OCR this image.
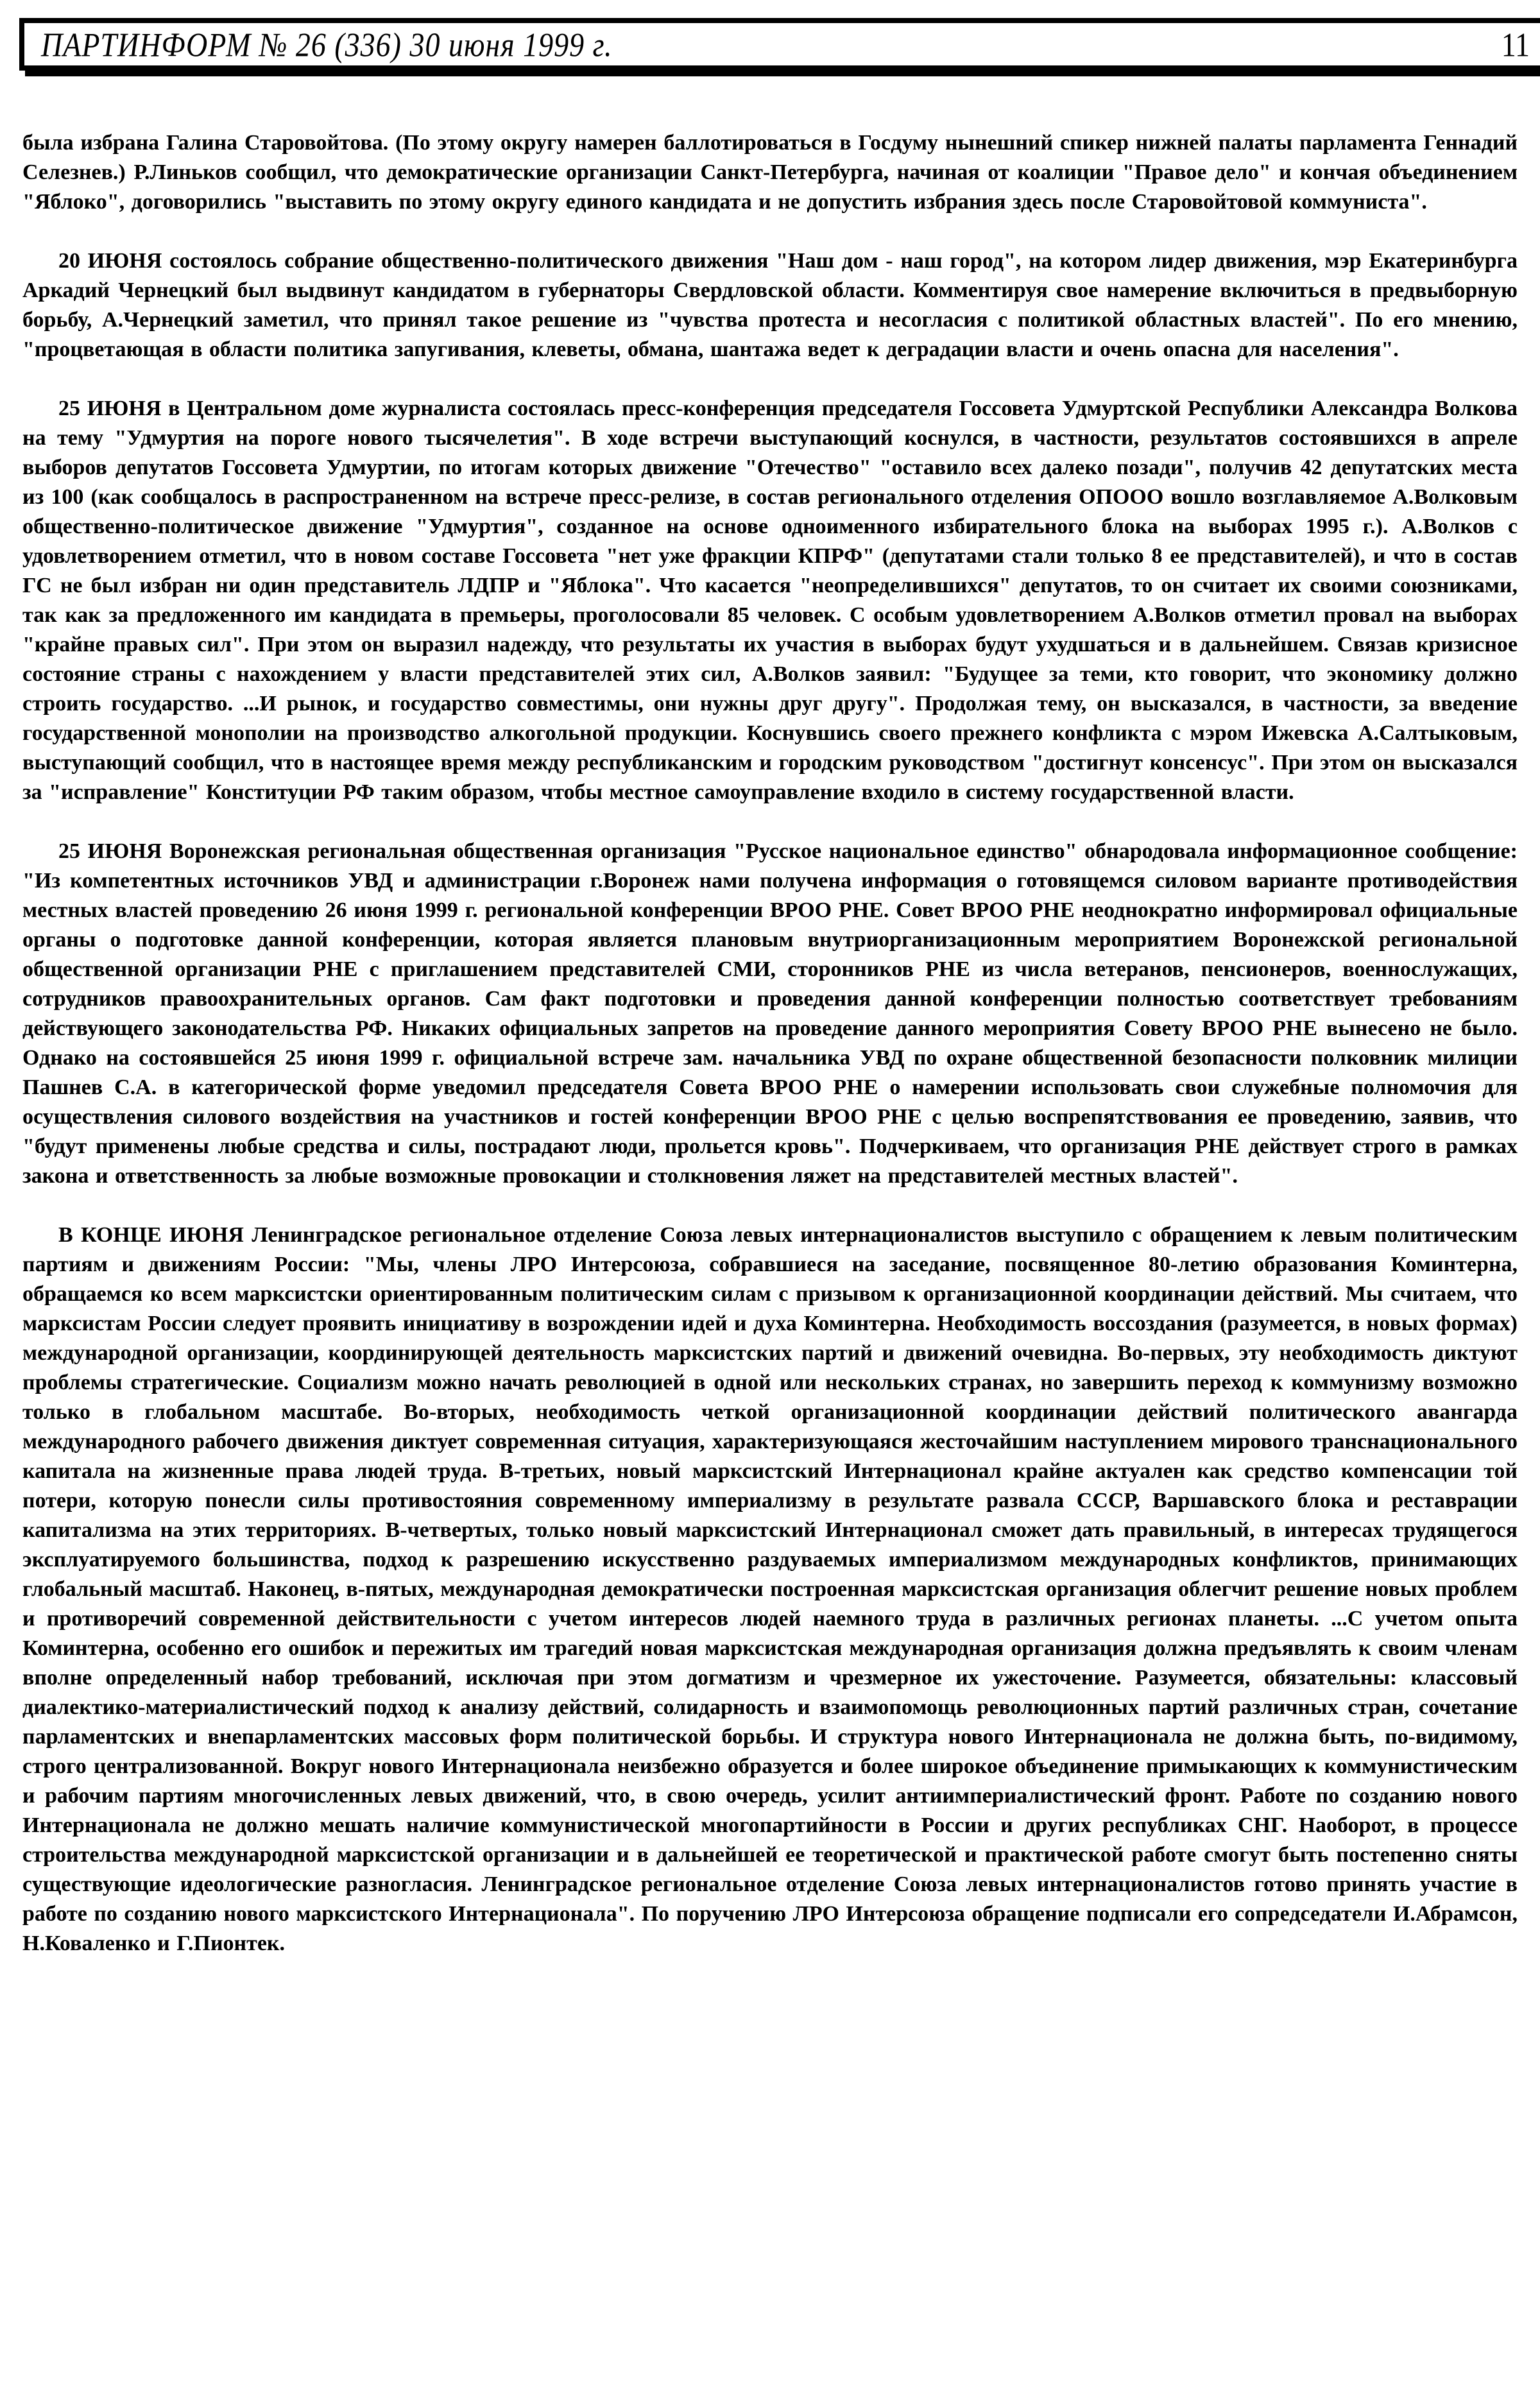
ПАРТИНФОРМ № 26 (336) 30 июня 1999 г.	11

была избрана Галина Старовойтова. (По этому округу намерен баллотироваться в Госдуму нынешний спикер нижней палаты парламента Геннадий Селезнев.) Р.Линьков сообщил, что демократические организации Санкт-Петербурга, начиная от коалиции "Правое дело" и кончая объединением "Яблоко", договорились "выставить по этому округу единого кандидата и не допустить избрания здесь после Старовойтовой коммуниста".

20 ИЮНЯ состоялось собрание общественно-политического движения "Наш дом - наш город", на котором лидер движения, мэр Екатеринбурга Аркадий Чернецкий был выдвинут кандидатом в губернаторы Свердловской области. Комментируя свое намерение включиться в предвыборную борьбу, А.Чернецкий заметил, что принял такое решение из "чувства протеста и несогласия с политикой областных властей". По его мнению, "процветающая в области политика запугивания, клеветы, обмана, шантажа ведет к деградации власти и очень опасна для населения".

25 ИЮНЯ в Центральном доме журналиста состоялась пресс-конференция председателя Госсовета Удмуртской Республики Александра Волкова на тему "Удмуртия на пороге нового тысячелетия". В ходе встречи выступающий коснулся, в частности, результатов состоявшихся в апреле выборов депутатов Госсовета Удмуртии, по итогам которых движение "Отечество" "оставило всех далеко позади", получив 42 депутатских места из 100 (как сообщалось в распространенном на встрече пресс-релизе, в состав регионального отделения ОПООО вошло возглавляемое А.Волковым общественно-политическое движение "Удмуртия", созданное на основе одноименного избирательного блока на выборах 1995 г.). А.Волков с удовлетворением отметил, что в новом составе Госсовета "нет уже фракции КПРФ" (депутатами стали только 8 ее представителей), и что в состав ГС не был избран ни один представитель ЛДПР и "Яблока". Что касается "неопределившихся" депутатов, то он считает их своими союзниками, так как за предложенного им кандидата в премьеры, проголосовали 85 человек. С особым удовлетворением А.Волков отметил провал на выборах "крайне правых сил". При этом он выразил надежду, что результаты их участия в выборах будут ухудшаться и в дальнейшем. Связав кризисное состояние страны с нахождением у власти представителей этих сил, А.Волков заявил: "Будущее за теми, кто говорит, что экономику должно строить государство. ...И рынок, и государство совместимы, они нужны друг другу". Продолжая тему, он высказался, в частности, за введение государственной монополии на производство алкогольной продукции. Коснувшись своего прежнего конфликта с мэром Ижевска А.Салтыковым, выступающий сообщил, что в настоящее время между республиканским и городским руководством "достигнут консенсус". При этом он высказался за "исправление" Конституции РФ таким образом, чтобы местное самоуправление входило в систему государственной власти.

25 ИЮНЯ Воронежская региональная общественная организация "Русское национальное единство" обнародовала информационное сообщение: "Из компетентных источников УВД и администрации г.Воронеж нами получена информация о готовящемся силовом варианте противодействия местных властей проведению 26 июня 1999 г. региональной конференции ВРОО РНЕ. Совет ВРОО РНЕ неоднократно информировал официальные органы о подготовке данной конференции, которая является плановым внутриорганизационным мероприятием Воронежской региональной общественной организации РНЕ с приглашением представителей СМИ, сторонников РНЕ из числа ветеранов, пенсионеров, военнослужащих, сотрудников правоохранительных органов. Сам факт подготовки и проведения данной конференции полностью соответствует требованиям действующего законодательства РФ. Никаких официальных запретов на проведение данного мероприятия Совету ВРОО РНЕ вынесено не было. Однако на состоявшейся 25 июня 1999 г. официальной встрече зам. начальника УВД по охране общественной безопасности полковник милиции Пашнев С.А. в категорической форме уведомил председателя Совета ВРОО РНЕ о намерении использовать свои служебные полномочия для осуществления силового воздействия на участников и гостей конференции ВРОО РНЕ с целью воспрепятствования ее проведению, заявив, что "будут применены любые средства и силы, пострадают люди, прольется кровь". Подчеркиваем, что организация РНЕ действует строго в рамках закона и ответственность за любые возможные провокации и столкновения ляжет на представителей местных властей".

В КОНЦЕ ИЮНЯ Ленинградское региональное отделение Союза левых интернационалистов выступило с обращением к левым политическим партиям и движениям России: "Мы, члены ЛРО Интерсоюза, собравшиеся на заседание, посвященное 80-летию образования Коминтерна, обращаемся ко всем марксистски ориентированным политическим силам с призывом к организационной координации действий. Мы считаем, что марксистам России следует проявить инициативу в возрождении идей и духа Коминтерна. Необходимость воссоздания (разумеется, в новых формах) международной организации, координирующей деятельность марксистских партий и движений очевидна. Во-первых, эту необходимость диктуют проблемы стратегические. Социализм можно начать революцией в одной или нескольких странах, но завершить переход к коммунизму возможно только в глобальном масштабе. Во-вторых, необходимость четкой организационной координации действий политического авангарда международного рабочего движения диктует современная ситуация, характеризующаяся жесточайшим наступлением мирового транснационального капитала на жизненные права людей труда. В-третьих, новый марксистский Интернационал крайне актуален как средство компенсации той потери, которую понесли силы противостояния современному империализму в результате развала СССР, Варшавского блока и реставрации капитализма на этих территориях. В-четвертых, только новый марксистский Интернационал сможет дать правильный, в интересах трудящегося эксплуатируемого большинства, подход к разрешению искусственно раздуваемых империализмом международных конфликтов, принимающих глобальный масштаб. Наконец, в-пятых, международная демократически построенная марксистская организация облегчит решение новых проблем и противоречий современной действительности с учетом интересов людей наемного труда в различных регионах планеты. ...С учетом опыта Коминтерна, особенно его ошибок и пережитых им трагедий новая марксистская международная организация должна предъявлять к своим членам вполне определенный набор требований, исключая при этом догматизм и чрезмерное их ужесточение. Разумеется, обязательны: классовый диалектико-материалистический подход к анализу действий, солидарность и взаимопомощь революционных партий различных стран, сочетание парламентских и внепарламентских массовых форм политической борьбы. И структура нового Интернационала не должна быть, по-видимому, строго централизованной. Вокруг нового Интернационала неизбежно образуется и более широкое объединение примыкающих к коммунистическим и рабочим партиям многочисленных левых движений, что, в свою очередь, усилит антиимпериалистический фронт. Работе по созданию нового Интернационала не должно мешать наличие коммунистической многопартийности в России и других республиках СНГ. Наоборот, в процессе строительства международной марксистской организации и в дальнейшей ее теоретической и практической работе смогут быть постепенно сняты существующие идеологические разногласия. Ленинградское региональное отделение Союза левых интернационалистов готово принять участие в работе по созданию нового марксистского Интернационала". По поручению ЛРО Интерсоюза обращение подписали его сопредседатели И.Абрамсон, Н.Коваленко и Г.Пионтек.
